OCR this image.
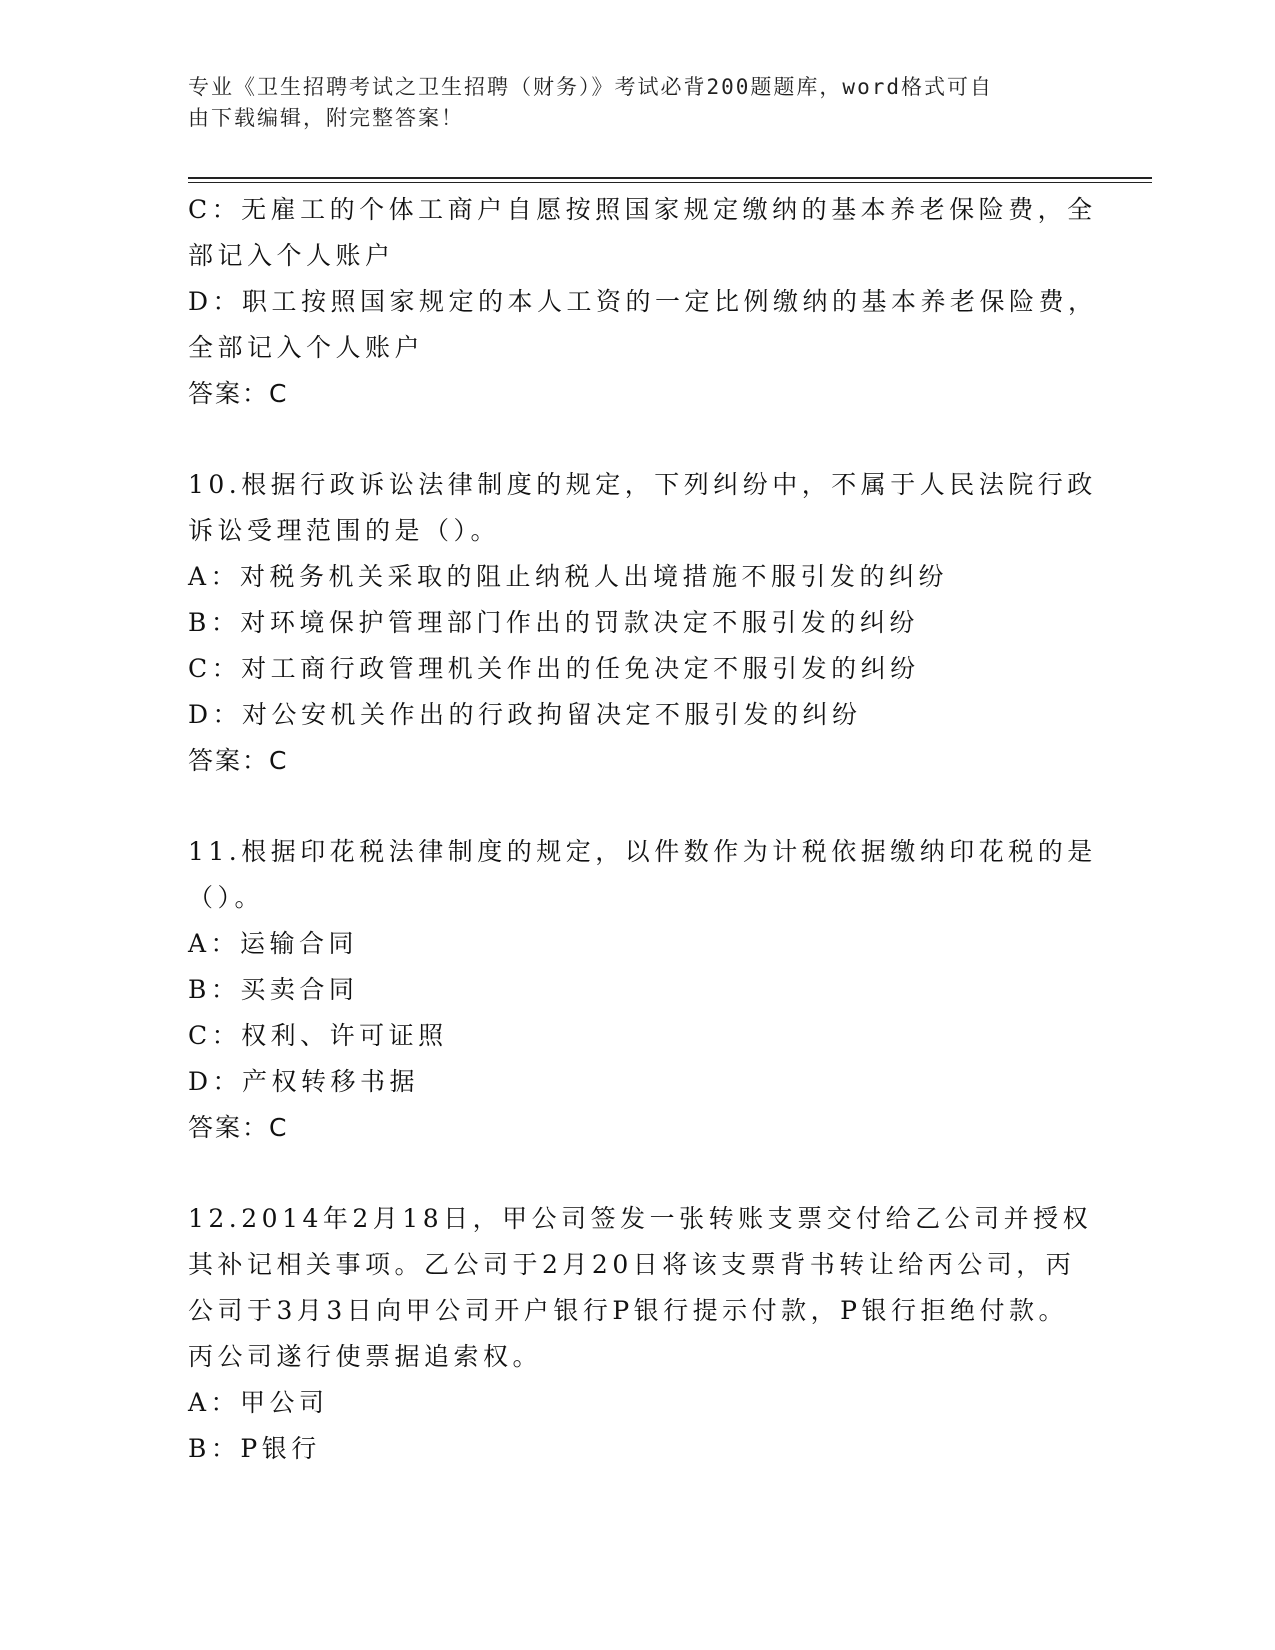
专业《卫生招聘考试之卫生招聘（财务）》考试必背200题题库，word格式可自
由下载编辑，附完整答案！
C：无雇工的个体工商户自愿按照国家规定缴纳的基本养老保险费，全
部记入个人账户
D：职工按照国家规定的本人工资的一定比例缴纳的基本养老保险费，
全部记入个人账户
答案：C
10.根据行政诉讼法律制度的规定，下列纠纷中，不属于人民法院行政
诉讼受理范围的是（）。
A：对税务机关采取的阻止纳税人出境措施不服引发的纠纷
B：对环境保护管理部门作出的罚款决定不服引发的纠纷
C：对工商行政管理机关作出的任免决定不服引发的纠纷
D：对公安机关作出的行政拘留决定不服引发的纠纷
答案：C
11.根据印花税法律制度的规定，以件数作为计税依据缴纳印花税的是
（）。
A：运输合同
B：买卖合同
C：权利、许可证照
D：产权转移书据
答案：C
12.2014年2月18日，甲公司签发一张转账支票交付给乙公司并授权
其补记相关事项。乙公司于2月20日将该支票背书转让给丙公司，丙
公司于3月3日向甲公司开户银行P银行提示付款，P银行拒绝付款。
丙公司遂行使票据追索权。
A：甲公司
B：P银行
